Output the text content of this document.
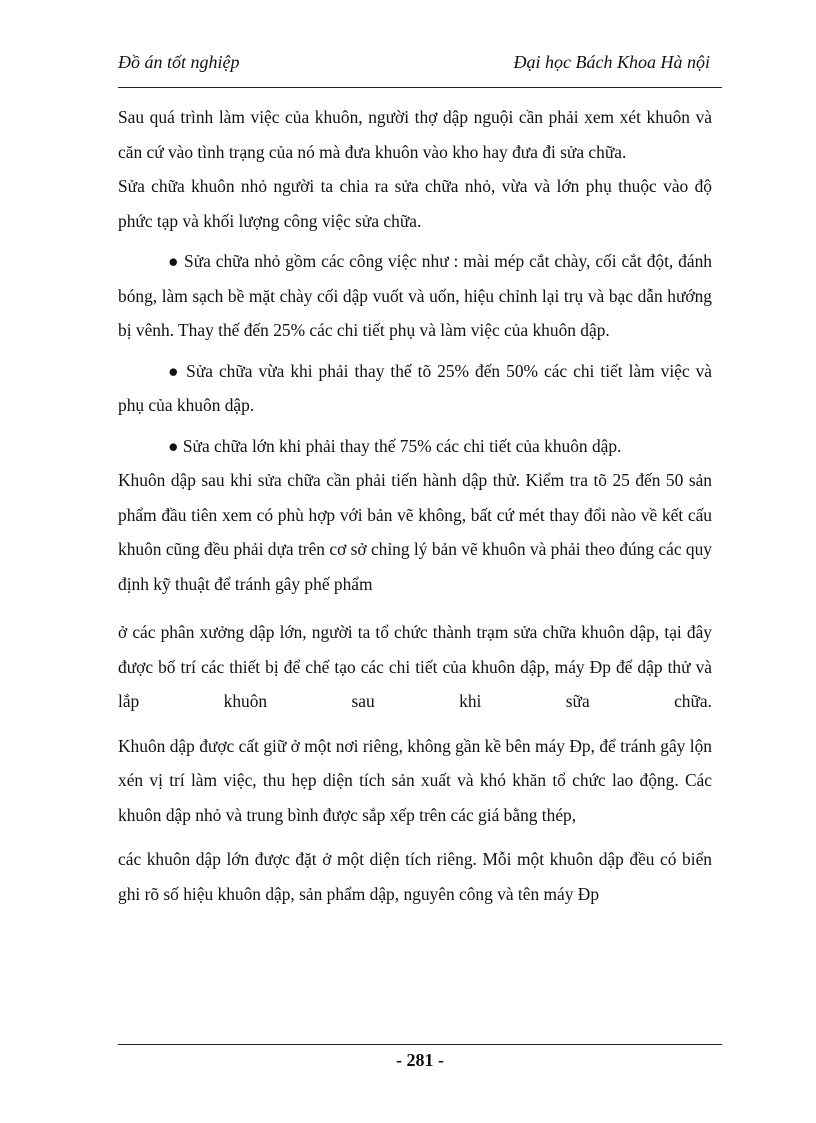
Đồ án tốt nghiệp	Đại học Bách Khoa Hà nội

Sau quá trình làm việc của khuôn, người thợ dập nguội cần phải xem xét khuôn và căn cứ vào tình trạng của nó mà đưa khuôn vào kho hay đưa đi sửa chữa.

Sửa chữa khuôn nhỏ người ta chia ra sửa chữa nhỏ, vừa và lớn phụ thuộc vào độ phức tạp và khối lượng công việc sửa chữa.

● Sửa chữa nhỏ gồm các công việc như : mài mép cắt chày, cối cắt đột, đánh bóng, làm sạch bề mặt chày cối dập vuốt và uốn, hiệu chỉnh lại trụ và bạc dẫn hướng bị vênh. Thay thế đến 25% các chi tiết phụ và làm việc của khuôn dập.

● Sửa chữa vừa khi phải thay thế tõ 25% đến 50% các chi tiết làm việc và phụ của khuôn dập.

● Sửa chữa lớn khi phải thay thế 75% các chi tiết của khuôn dập.

Khuôn dập sau khi sửa chữa cần phải tiến hành dập thử. Kiểm tra tõ 25 đến 50 sản phẩm đầu tiên xem có phù hợp với bản vẽ không, bất cứ mét thay đổi nào về kết cấu khuôn cũng đều phải dựa trên cơ sở chỉng lý bản vẽ khuôn và phải theo đúng các quy định kỹ thuật để tránh gây phế phẩm

ở các phân xưởng dập lớn, người ta tổ chức thành trạm sửa chữa khuôn dập, tại đây được bố trí các thiết bị để chế tạo các chi tiết của khuôn dập, máy Ðp để dập thử và lắp khuôn sau khi sữa chữa.

Khuôn dập được cất giữ ở một nơi riêng, không gần kề bên máy Ðp, để tránh gây lộn xén vị trí làm việc, thu hẹp diện tích sản xuất và khó khăn tổ chức lao động. Các khuôn dập nhỏ và trung bình được sắp xếp trên các giá bằng thép,

các khuôn dập lớn được đặt ở một diện tích riêng. Mỗi một khuôn dập đều có biển ghi rõ số hiệu khuôn dập, sản phẩm dập, nguyên công và tên máy Ðp

- 281 -
